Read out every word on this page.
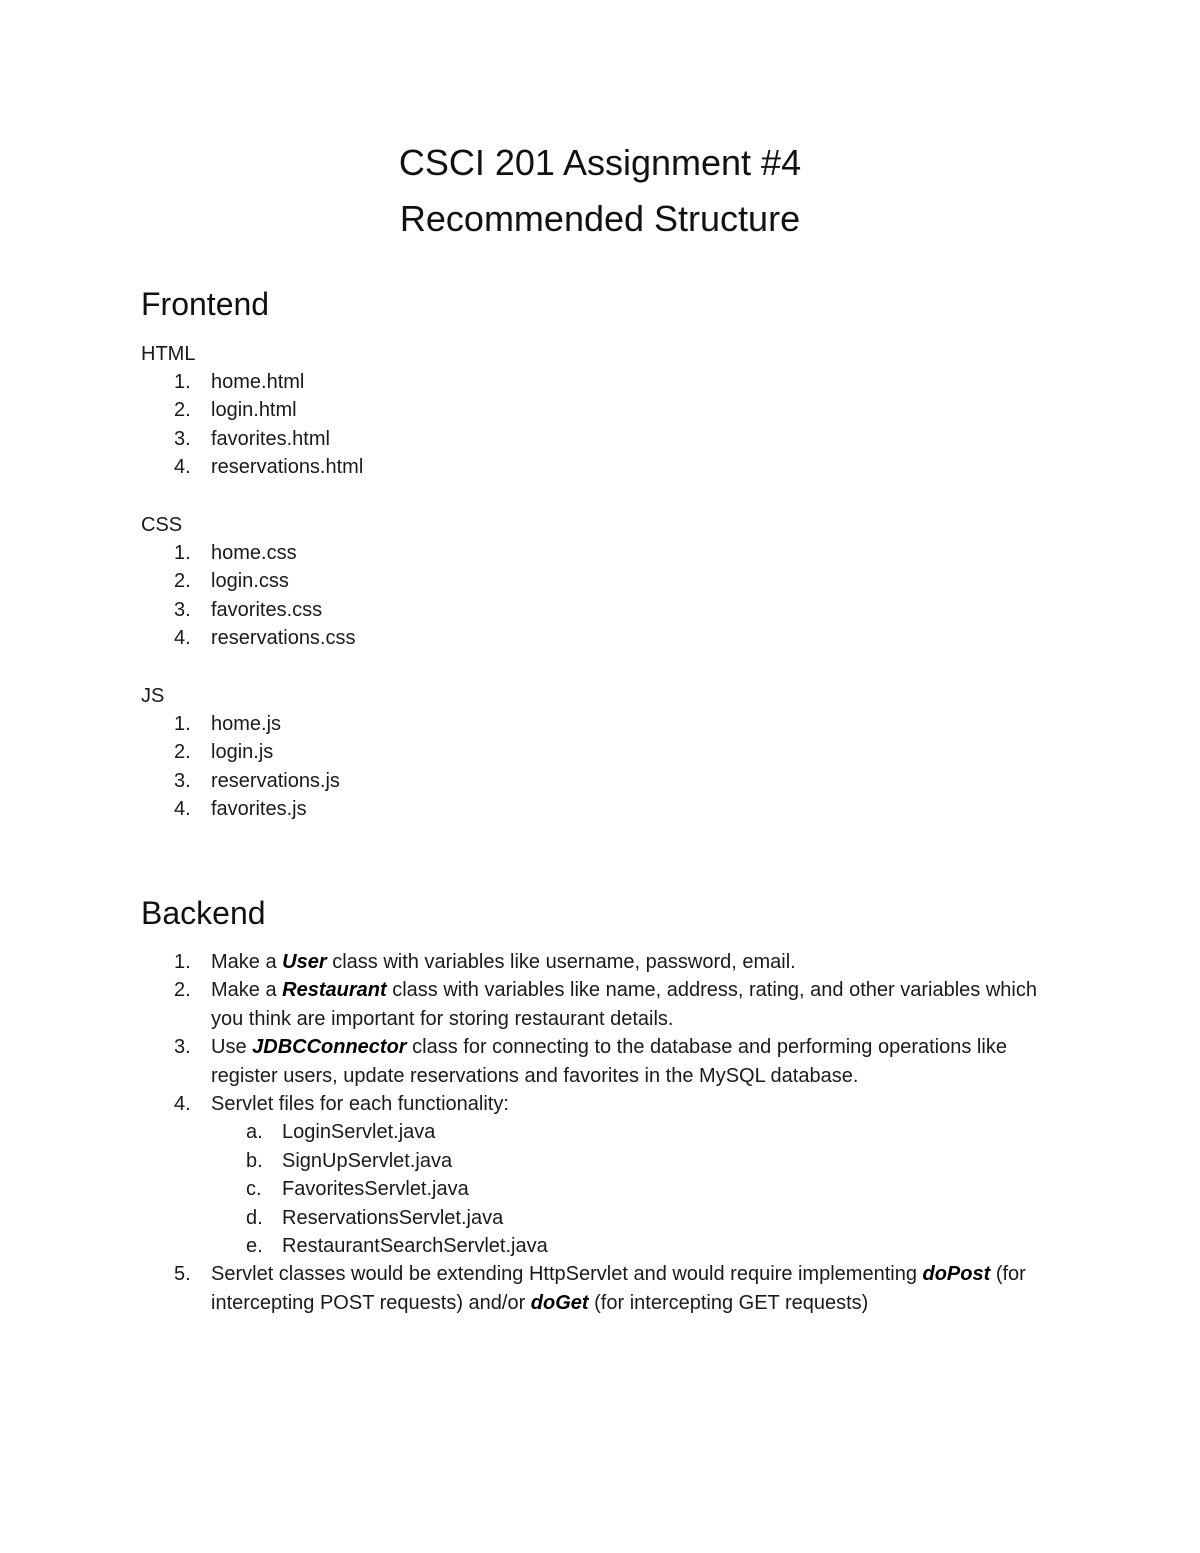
CSCI 201 Assignment #4
Recommended Structure
Frontend
HTML
1.	home.html
2.	login.html
3.	favorites.html
4.	reservations.html
CSS
1.	home.css
2.	login.css
3.	favorites.css
4.	reservations.css
JS
1.	home.js
2.	login.js
3.	reservations.js
4.	favorites.js
Backend
1.	Make a User class with variables like username, password, email.
2.	Make a Restaurant class with variables like name, address, rating, and other variables which you think are important for storing restaurant details.
3.	Use JDBCConnector class for connecting to the database and performing operations like register users, update reservations and favorites in the MySQL database.
4.	Servlet files for each functionality:
a. LoginServlet.java
b. SignUpServlet.java
c.	FavoritesServlet.java
d. ReservationsServlet.java
e. RestaurantSearchServlet.java
5.	Servlet classes would be extending HttpServlet and would require implementing doPost (for intercepting POST requests) and/or doGet (for intercepting GET requests)
